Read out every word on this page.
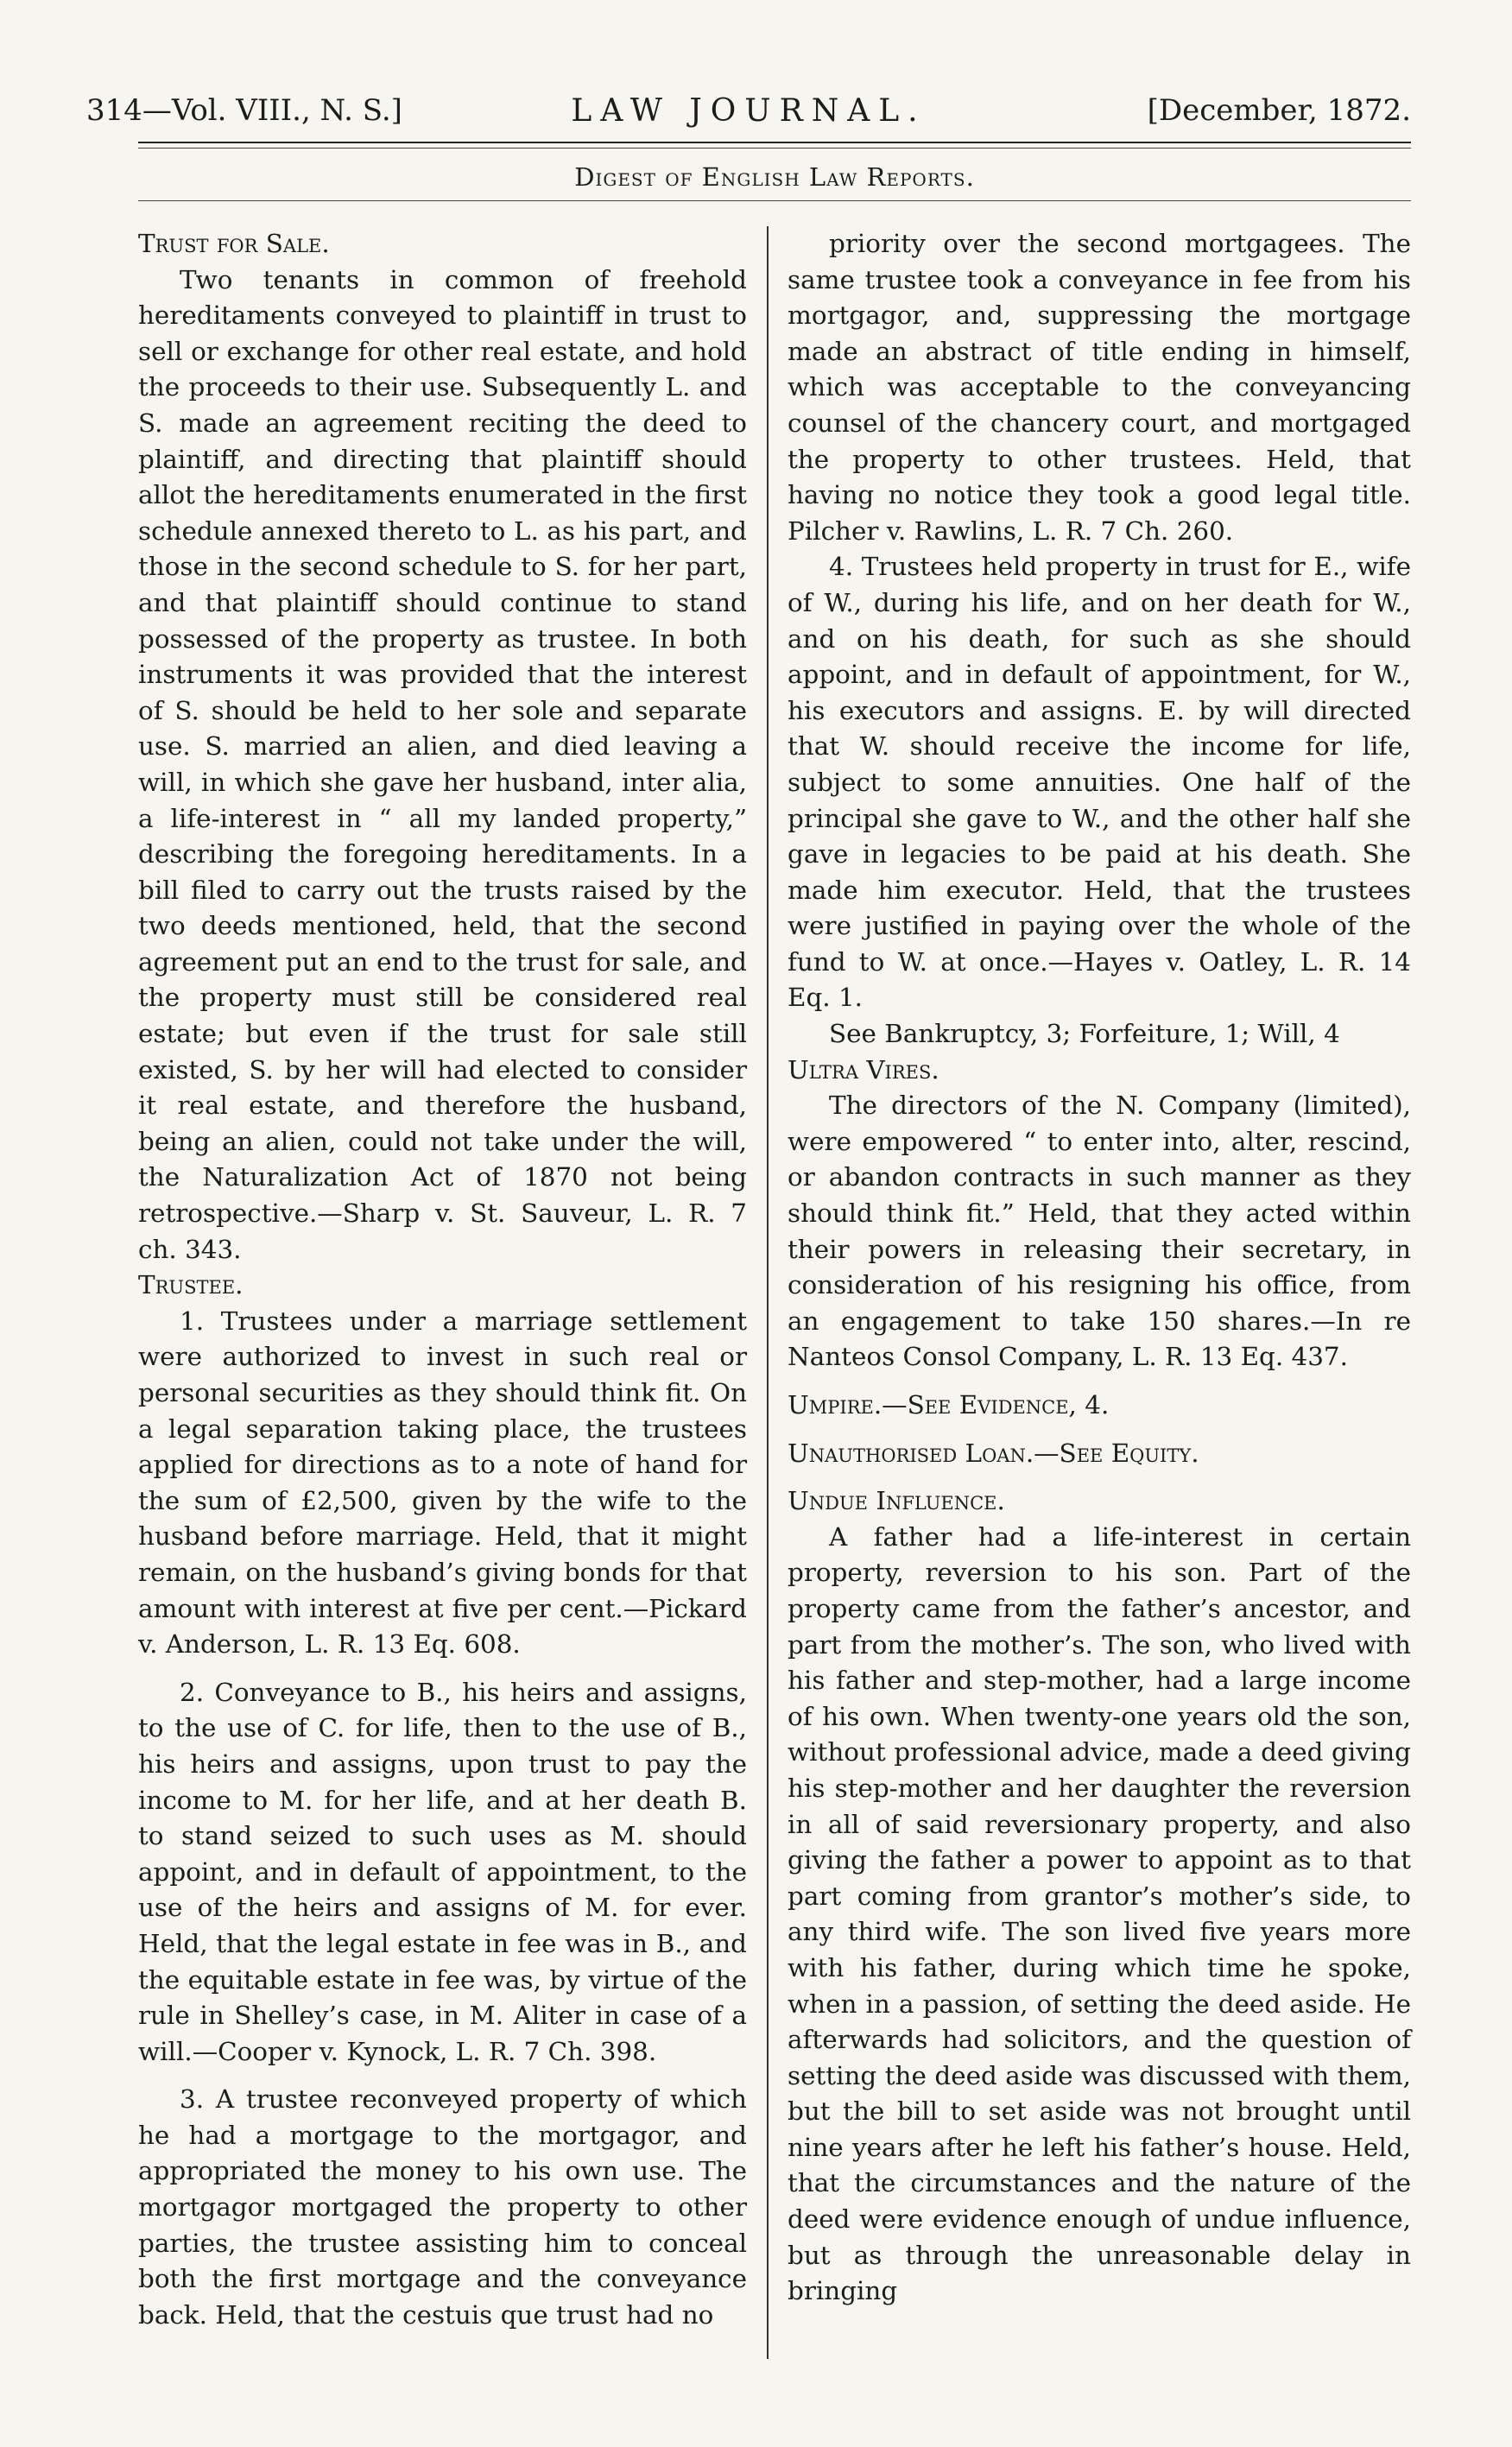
314—Vol. VIII., N. S.]	LAW JOURNAL.	[December, 1872.
Digest of English Law Reports.

Trust for Sale.

Two tenants in common of freehold hereditaments conveyed to plaintiff in trust to sell or exchange for other real estate, and hold the proceeds to their use. Subsequently L. and S. made an agreement reciting the deed to plaintiff, and directing that plaintiff should allot the hereditaments enumerated in the first schedule annexed thereto to L. as his part, and those in the second schedule to S. for her part, and that plaintiff should continue to stand possessed of the property as trustee. In both instruments it was provided that the interest of S. should be held to her sole and separate use. S. married an alien, and died leaving a will, in which she gave her husband, inter alia, a life-interest in “ all my landed property,” describing the foregoing hereditaments. In a bill filed to carry out the trusts raised by the two deeds mentioned, held, that the second agreement put an end to the trust for sale, and the property must still be considered real estate; but even if the trust for sale still existed, S. by her will had elected to consider it real estate, and therefore the husband, being an alien, could not take under the will, the Naturalization Act of 1870 not being retrospective.—Sharp v. St. Sauveur, L. R. 7 ch. 343.

Trustee.

1. Trustees under a marriage settlement were authorized to invest in such real or personal securities as they should think fit. On a legal separation taking place, the trustees applied for directions as to a note of hand for the sum of £2,500, given by the wife to the husband before marriage. Held, that it might remain, on the husband’s giving bonds for that amount with interest at five per cent.—Pickard v. Anderson, L. R. 13 Eq. 608.

2. Conveyance to B., his heirs and assigns, to the use of C. for life, then to the use of B., his heirs and assigns, upon trust to pay the income to M. for her life, and at her death B. to stand seized to such uses as M. should appoint, and in default of appointment, to the use of the heirs and assigns of M. for ever. Held, that the legal estate in fee was in B., and the equitable estate in fee was, by virtue of the rule in Shelley’s case, in M. Aliter in case of a will.—Cooper v. Kynock, L. R. 7 Ch. 398.

3. A trustee reconveyed property of which he had a mortgage to the mortgagor, and appropriated the money to his own use. The mortgagor mortgaged the property to other parties, the trustee assisting him to conceal both the first mortgage and the conveyance back. Held, that the cestuis que trust had no

priority over the second mortgagees. The same trustee took a conveyance in fee from his mortgagor, and, suppressing the mortgage made an abstract of title ending in himself, which was acceptable to the conveyancing counsel of the chancery court, and mortgaged the property to other trustees. Held, that having no notice they took a good legal title. Pilcher v. Rawlins, L. R. 7 Ch. 260.

4. Trustees held property in trust for E., wife of W., during his life, and on her death for W., and on his death, for such as she should appoint, and in default of appointment, for W., his executors and assigns. E. by will directed that W. should receive the income for life, subject to some annuities. One half of the principal she gave to W., and the other half she gave in legacies to be paid at his death. She made him executor. Held, that the trustees were justified in paying over the whole of the fund to W. at once.—Hayes v. Oatley, L. R. 14 Eq. 1.

See Bankruptcy, 3; Forfeiture, 1; Will, 4

Ultra Vires.

The directors of the N. Company (limited), were empowered “ to enter into, alter, rescind, or abandon contracts in such manner as they should think fit.” Held, that they acted within their powers in releasing their secretary, in consideration of his resigning his office, from an engagement to take 150 shares.—In re Nanteos Consol Company, L. R. 13 Eq. 437.

Umpire.—See Evidence, 4.

Unauthorised Loan.—See Equity.

Undue Influence.

A father had a life-interest in certain property, reversion to his son. Part of the property came from the father’s ancestor, and part from the mother’s. The son, who lived with his father and step-mother, had a large income of his own. When twenty-one years old the son, without professional advice, made a deed giving his step-mother and her daughter the reversion in all of said reversionary property, and also giving the father a power to appoint as to that part coming from grantor’s mother’s side, to any third wife. The son lived five years more with his father, during which time he spoke, when in a passion, of setting the deed aside. He afterwards had solicitors, and the question of setting the deed aside was discussed with them, but the bill to set aside was not brought until nine years after he left his father’s house. Held, that the circumstances and the nature of the deed were evidence enough of undue influence, but as through the unreasonable delay in bringing
